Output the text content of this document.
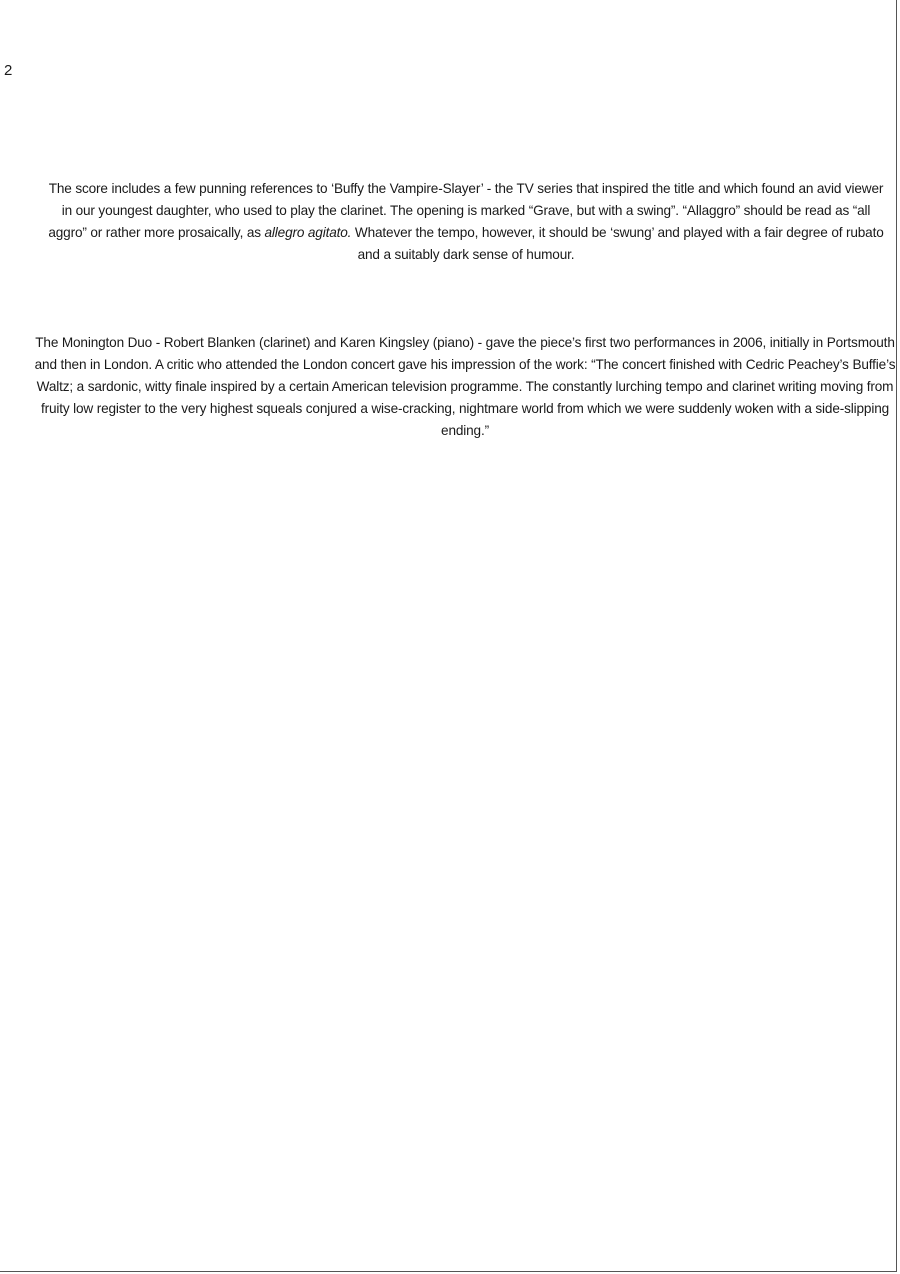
2

The score includes a few punning references to ‘Buffy the Vampire-Slayer’ - the TV series that inspired the title and which found an avid viewer in our youngest daughter, who used to play the clarinet. The opening is marked “Grave, but with a swing”. “Allaggro” should be read as “all aggro” or rather more prosaically, as allegro agitato. Whatever the tempo, however, it should be ‘swung’ and played with a fair degree of rubato and a suitably dark sense of humour.

The Monington Duo - Robert Blanken (clarinet) and Karen Kingsley (piano) - gave the piece’s first two performances in 2006, initially in Portsmouth and then in London. A critic who attended the London concert gave his impression of the work: “The concert finished with Cedric Peachey’s Buffie’s Waltz; a sardonic, witty finale inspired by a certain American television programme. The constantly lurching tempo and clarinet writing moving from fruity low register to the very highest squeals conjured a wise-cracking, nightmare world from which we were suddenly woken with a side-slipping ending.”
